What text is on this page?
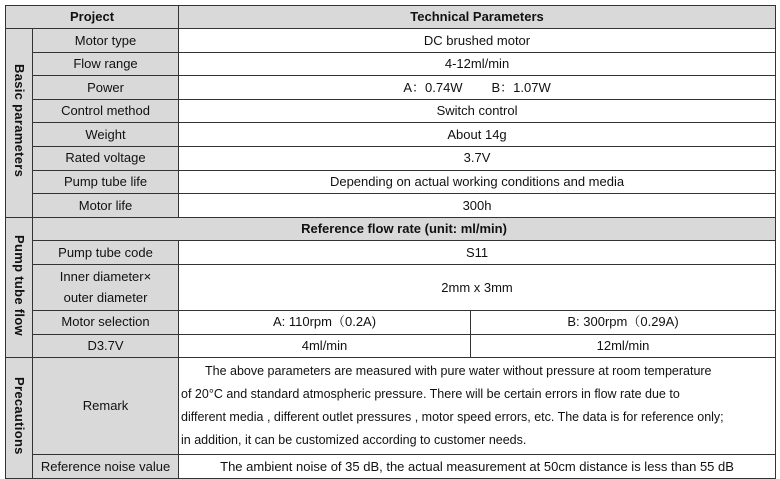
Project		Technical Parameters	
Basic parameters	Motor type	DC brushed motor	
	Flow range	4-12ml/min	
	Power	A：0.74W        B：1.07W	
	Control method	Switch control	
	Weight	About 14g	
	Rated voltage	3.7V	
	Pump tube life	Depending on actual working conditions and media	
	Motor life	300h	
Pump tube flow	Reference flow rate (unit: ml/min)		
	Pump tube code	S11	
	Inner diameter×
outer diameter	2mm x 3mm	
	Motor selection	A: 110rpm（0.2A)	B: 300rpm（0.29A)
	D3.7V	4ml/min	12ml/min
Precautions	Remark	The above parameters are measured with pure water without pressure at room temperature
of 20°C and standard atmospheric pressure. There will be certain errors in flow rate due to
different media , different outlet pressures , motor speed errors, etc. The data is for reference only;
in addition, it can be customized according to customer needs.	
	Reference noise value	The ambient noise of 35 dB, the actual measurement at 50cm distance is less than 55 dB	
